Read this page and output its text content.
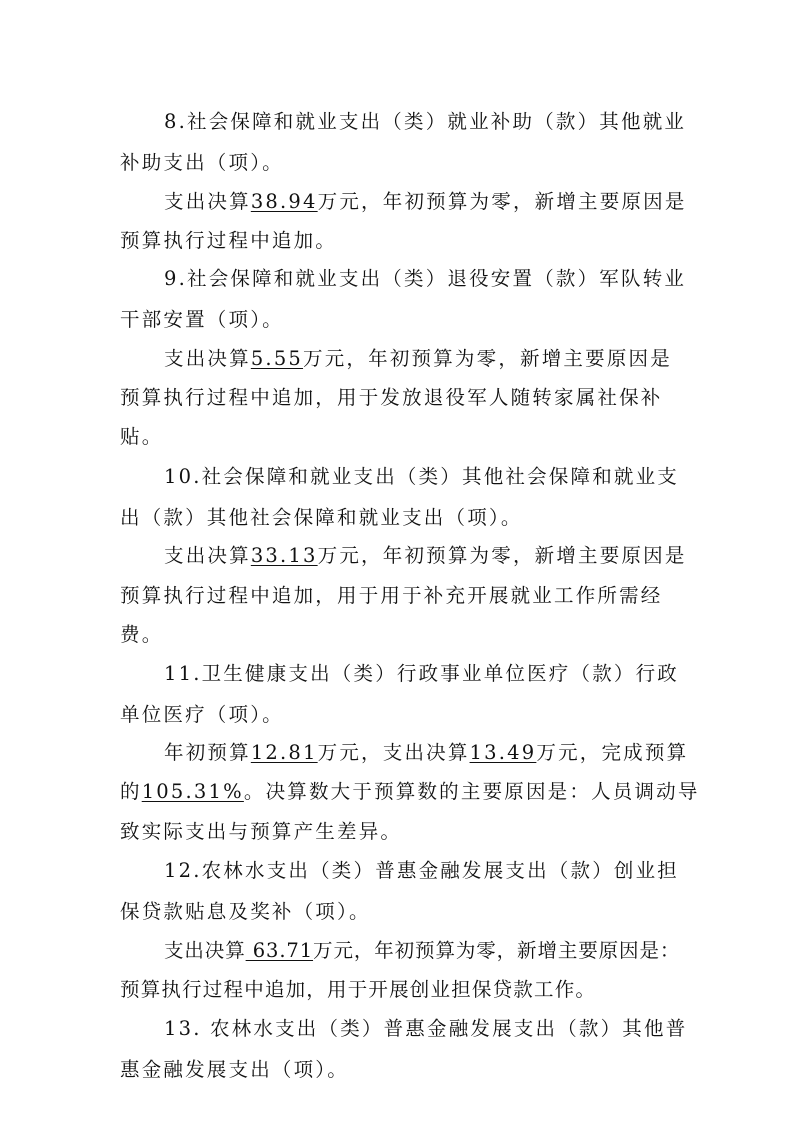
8.社会保障和就业支出（类）就业补助（款）其他就业
补助支出（项）。
支出决算38.94万元，年初预算为零，新增主要原因是
预算执行过程中追加。
9.社会保障和就业支出（类）退役安置（款）军队转业
干部安置（项）。
支出决算5.55万元，年初预算为零，新增主要原因是
预算执行过程中追加，用于发放退役军人随转家属社保补
贴。
10.社会保障和就业支出（类）其他社会保障和就业支
出（款）其他社会保障和就业支出（项）。
支出决算33.13万元，年初预算为零，新增主要原因是
预算执行过程中追加，用于用于补充开展就业工作所需经
费。
11.卫生健康支出（类）行政事业单位医疗（款）行政
单位医疗（项）。
年初预算12.81万元，支出决算13.49万元，完成预算
的105.31%。决算数大于预算数的主要原因是：人员调动导
致实际支出与预算产生差异。
12.农林水支出（类）普惠金融发展支出（款）创业担
保贷款贴息及奖补（项）。
支出决算 63.71万元，年初预算为零，新增主要原因是：
预算执行过程中追加，用于开展创业担保贷款工作。
13. 农林水支出（类）普惠金融发展支出（款）其他普
惠金融发展支出（项）。
